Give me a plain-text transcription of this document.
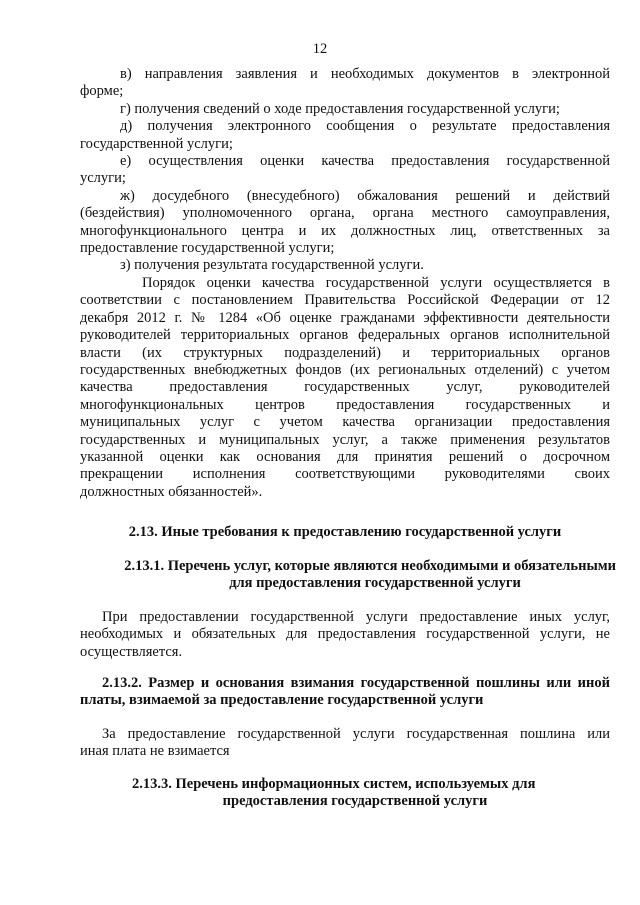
12
в) направления заявления и необходимых документов в электронной
форме;
г) получения сведений о ходе предоставления государственной услуги;
д) получения электронного сообщения о результате предоставления
государственной услуги;
е) осуществления оценки качества предоставления государственной
услуги;
ж) досудебного (внесудебного) обжалования решений и действий
(бездействия) уполномоченного органа, органа местного самоуправления,
многофункционального центра и их должностных лиц, ответственных за
предоставление государственной услуги;
з) получения результата государственной услуги.
Порядок оценки качества государственной услуги осуществляется в
соответствии с постановлением Правительства Российской Федерации от 12
декабря 2012 г. № 1284 «Об оценке гражданами эффективности деятельности
руководителей территориальных органов федеральных органов исполнительной
власти (их структурных подразделений) и территориальных органов
государственных внебюджетных фондов (их региональных отделений) с учетом
качества предоставления государственных услуг, руководителей
многофункциональных центров предоставления государственных и
муниципальных услуг с учетом качества организации предоставления
государственных и муниципальных услуг, а также применения результатов
указанной оценки как основания для принятия решений о досрочном
прекращении исполнения соответствующими руководителями своих
должностных обязанностей».
2.13. Иные требования к предоставлению государственной услуги
2.13.1. Перечень услуг, которые являются необходимыми и обязательными
для предоставления государственной услуги
При предоставлении государственной услуги предоставление иных услуг,
необходимых и обязательных для предоставления государственной услуги, не
осуществляется.
2.13.2. Размер и основания взимания государственной пошлины или иной
платы, взимаемой за предоставление государственной услуги
За предоставление государственной услуги государственная пошлина или
иная плата не взимается
2.13.3. Перечень информационных систем, используемых для
предоставления государственной услуги
